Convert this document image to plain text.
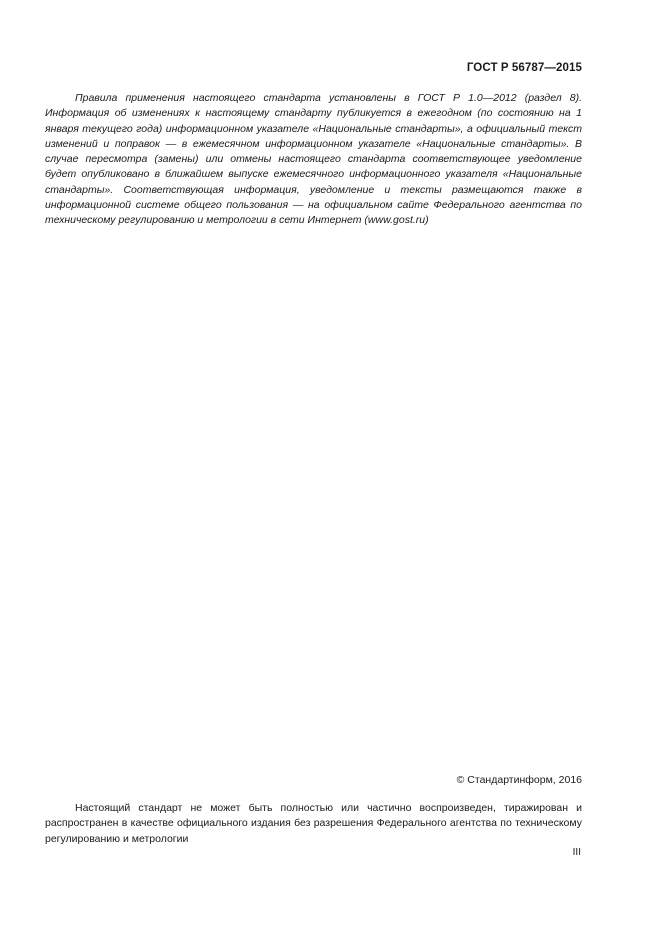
ГОСТ Р 56787—2015

Правила применения настоящего стандарта установлены в ГОСТ Р 1.0—2012 (раздел 8). Информация об изменениях к настоящему стандарту публикуется в ежегодном (по состоянию на 1 января текущего года) информационном указателе «Национальные стандарты», а официальный текст изменений и поправок — в ежемесячном информационном указателе «Национальные стандарты». В случае пересмотра (замены) или отмены настоящего стандарта соответствующее уведомление будет опубликовано в ближайшем выпуске ежемесячного информационного указателя «Национальные стандарты». Соответствующая информация, уведомление и тексты размещаются также в информационной системе общего пользования — на официальном сайте Федерального агентства по техническому регулированию и метрологии в сети Интернет (www.gost.ru)

© Стандартинформ, 2016

Настоящий стандарт не может быть полностью или частично воспроизведен, тиражирован и распространен в качестве официального издания без разрешения Федерального агентства по техническому регулированию и метрологии

III
